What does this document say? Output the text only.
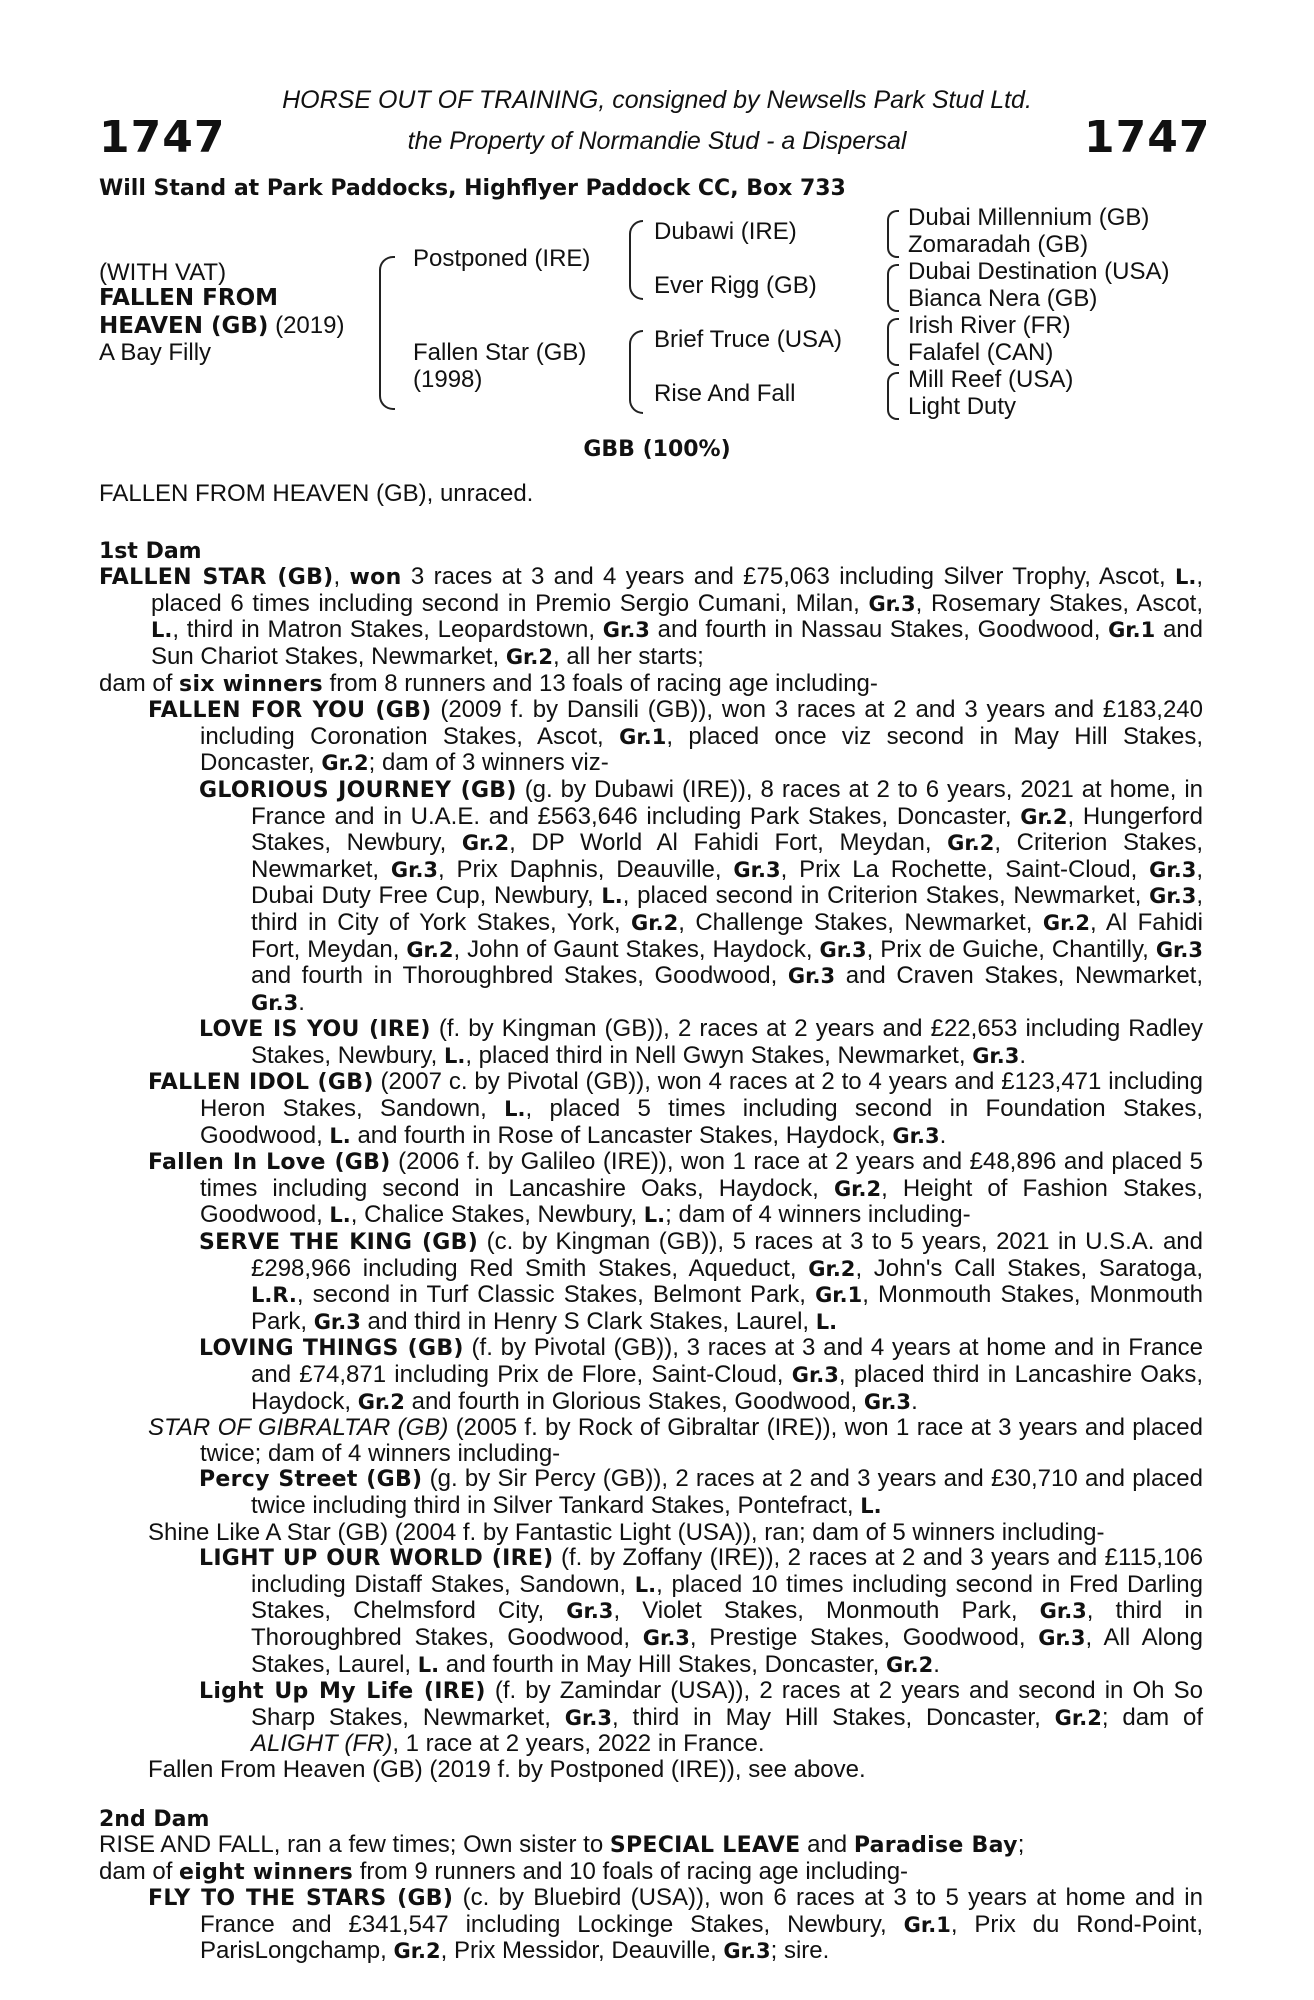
1747	1747
HORSE OUT OF TRAINING, consigned by Newsells Park Stud Ltd.
the Property of Normandie Stud - a Dispersal
Will Stand at Park Paddocks, Highflyer Paddock CC, Box 733
(WITH VAT)
FALLEN FROM
HEAVEN (GB) (2019)
A Bay Filly
Postponed (IRE)
Fallen Star (GB)
(1998)
Dubawi (IRE)
Ever Rigg (GB)
Brief Truce (USA)
Rise And Fall
Dubai Millennium (GB)
Zomaradah (GB)
Dubai Destination (USA)
Bianca Nera (GB)
Irish River (FR)
Falafel (CAN)
Mill Reef (USA)
Light Duty
GBB (100%)

FALLEN FROM HEAVEN (GB), unraced.

1st Dam

FALLEN STAR (GB), won 3 races at 3 and 4 years and £75,063 including Silver Trophy, Ascot, L., placed 6 times including second in Premio Sergio Cumani, Milan, Gr.3, Rosemary Stakes, Ascot, L., third in Matron Stakes, Leopardstown, Gr.3 and fourth in Nassau Stakes, Goodwood, Gr.1 and Sun Chariot Stakes, Newmarket, Gr.2, all her starts;

dam of six winners from 8 runners and 13 foals of racing age including-

FALLEN FOR YOU (GB) (2009 f. by Dansili (GB)), won 3 races at 2 and 3 years and £183,240 including Coronation Stakes, Ascot, Gr.1, placed once viz second in May Hill Stakes, Doncaster, Gr.2; dam of 3 winners viz-

GLORIOUS JOURNEY (GB) (g. by Dubawi (IRE)), 8 races at 2 to 6 years, 2021 at home, in France and in U.A.E. and £563,646 including Park Stakes, Doncaster, Gr.2, Hungerford Stakes, Newbury, Gr.2, DP World Al Fahidi Fort, Meydan, Gr.2, Criterion Stakes, Newmarket, Gr.3, Prix Daphnis, Deauville, Gr.3, Prix La Rochette, Saint-Cloud, Gr.3, Dubai Duty Free Cup, Newbury, L., placed second in Criterion Stakes, Newmarket, Gr.3, third in City of York Stakes, York, Gr.2, Challenge Stakes, Newmarket, Gr.2, Al Fahidi Fort, Meydan, Gr.2, John of Gaunt Stakes, Haydock, Gr.3, Prix de Guiche, Chantilly, Gr.3 and fourth in Thoroughbred Stakes, Goodwood, Gr.3 and Craven Stakes, Newmarket, Gr.3.

LOVE IS YOU (IRE) (f. by Kingman (GB)), 2 races at 2 years and £22,653 including Radley Stakes, Newbury, L., placed third in Nell Gwyn Stakes, Newmarket, Gr.3.

FALLEN IDOL (GB) (2007 c. by Pivotal (GB)), won 4 races at 2 to 4 years and £123,471 including Heron Stakes, Sandown, L., placed 5 times including second in Foundation Stakes, Goodwood, L. and fourth in Rose of Lancaster Stakes, Haydock, Gr.3.

Fallen In Love (GB) (2006 f. by Galileo (IRE)), won 1 race at 2 years and £48,896 and placed 5 times including second in Lancashire Oaks, Haydock, Gr.2, Height of Fashion Stakes, Goodwood, L., Chalice Stakes, Newbury, L.; dam of 4 winners including-

SERVE THE KING (GB) (c. by Kingman (GB)), 5 races at 3 to 5 years, 2021 in U.S.A. and £298,966 including Red Smith Stakes, Aqueduct, Gr.2, John's Call Stakes, Saratoga, L.R., second in Turf Classic Stakes, Belmont Park, Gr.1, Monmouth Stakes, Monmouth Park, Gr.3 and third in Henry S Clark Stakes, Laurel, L.

LOVING THINGS (GB) (f. by Pivotal (GB)), 3 races at 3 and 4 years at home and in France and £74,871 including Prix de Flore, Saint-Cloud, Gr.3, placed third in Lancashire Oaks, Haydock, Gr.2 and fourth in Glorious Stakes, Goodwood, Gr.3.

STAR OF GIBRALTAR (GB) (2005 f. by Rock of Gibraltar (IRE)), won 1 race at 3 years and placed twice; dam of 4 winners including-

Percy Street (GB) (g. by Sir Percy (GB)), 2 races at 2 and 3 years and £30,710 and placed twice including third in Silver Tankard Stakes, Pontefract, L.

Shine Like A Star (GB) (2004 f. by Fantastic Light (USA)), ran; dam of 5 winners including-

LIGHT UP OUR WORLD (IRE) (f. by Zoffany (IRE)), 2 races at 2 and 3 years and £115,106 including Distaff Stakes, Sandown, L., placed 10 times including second in Fred Darling Stakes, Chelmsford City, Gr.3, Violet Stakes, Monmouth Park, Gr.3, third in Thoroughbred Stakes, Goodwood, Gr.3, Prestige Stakes, Goodwood, Gr.3, All Along Stakes, Laurel, L. and fourth in May Hill Stakes, Doncaster, Gr.2.

Light Up My Life (IRE) (f. by Zamindar (USA)), 2 races at 2 years and second in Oh So Sharp Stakes, Newmarket, Gr.3, third in May Hill Stakes, Doncaster, Gr.2; dam of ALIGHT (FR), 1 race at 2 years, 2022 in France.

Fallen From Heaven (GB) (2019 f. by Postponed (IRE)), see above.

2nd Dam

RISE AND FALL, ran a few times; Own sister to SPECIAL LEAVE and Paradise Bay;

dam of eight winners from 9 runners and 10 foals of racing age including-

FLY TO THE STARS (GB) (c. by Bluebird (USA)), won 6 races at 3 to 5 years at home and in France and £341,547 including Lockinge Stakes, Newbury, Gr.1, Prix du Rond-Point, ParisLongchamp, Gr.2, Prix Messidor, Deauville, Gr.3; sire.
